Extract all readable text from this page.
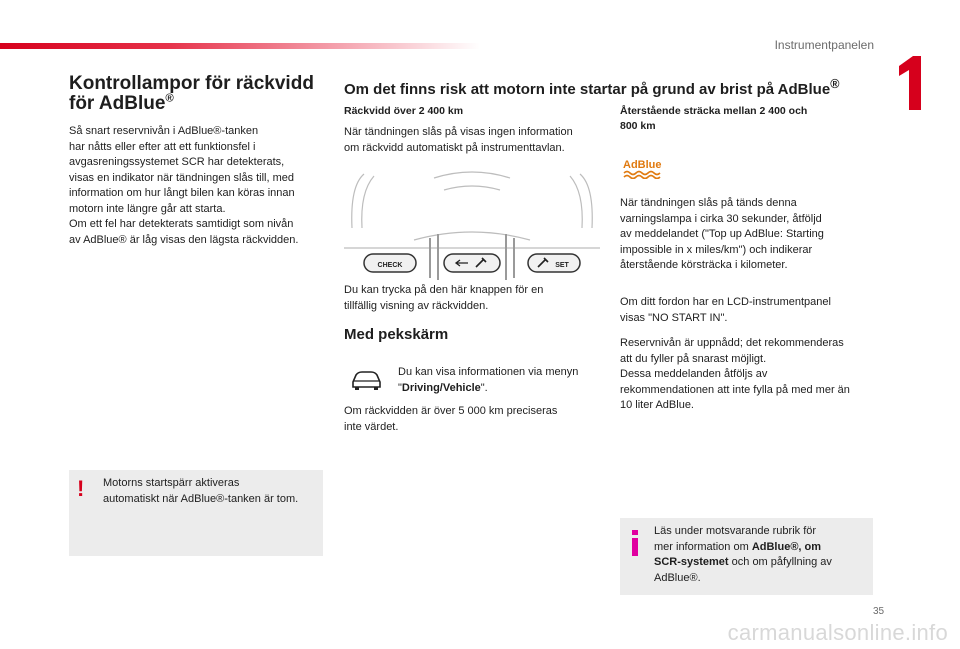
Instrumentpanelen
Kontrollampor för räckvidd
för AdBlue®

Så snart reservnivån i AdBlue®-tanken

har nåtts eller efter att ett funktionsfel i

avgasreningssystemet SCR har detekterats,

visas en indikator när tändningen slås till, med

information om hur långt bilen kan köras innan

motorn inte längre går att starta.

Om ett fel har detekterats samtidigt som nivån

av AdBlue® är låg visas den lägsta räckvidden.

! Motorns startspärr aktiveras

automatiskt när AdBlue®-tanken är tom.

Om det finns risk att motorn inte startar på grund av brist på AdBlue®

Räckvidd över 2 400 km

När tändningen slås på visas ingen information

om räckvidd automatiskt på instrumenttavlan.

CHECK	SET

Du kan trycka på den här knappen för en

tillfällig visning av räckvidden.

Med pekskärm

Du kan visa informationen via menyn

"Driving/Vehicle".

Om räckvidden är över 5 000 km preciseras

inte värdet.

Återstående sträcka mellan 2 400 och

800 km

AdBlue

När tändningen slås på tänds denna

varningslampa i cirka 30 sekunder, åtföljd

av meddelandet ("Top up AdBlue: Starting

impossible in x miles/km") och indikerar

återstående körsträcka i kilometer.

Om ditt fordon har en LCD-instrumentpanel

visas "NO START IN".

Reservnivån är uppnådd; det rekommenderas

att du fyller på snarast möjligt.

Dessa meddelanden åtföljs av

rekommendationen att inte fylla på med mer än

10 liter AdBlue.

Läs under motsvarande rubrik för

mer information om AdBlue®, om

SCR-systemet och om påfyllning av

AdBlue®.

35
carmanualsonline.info
